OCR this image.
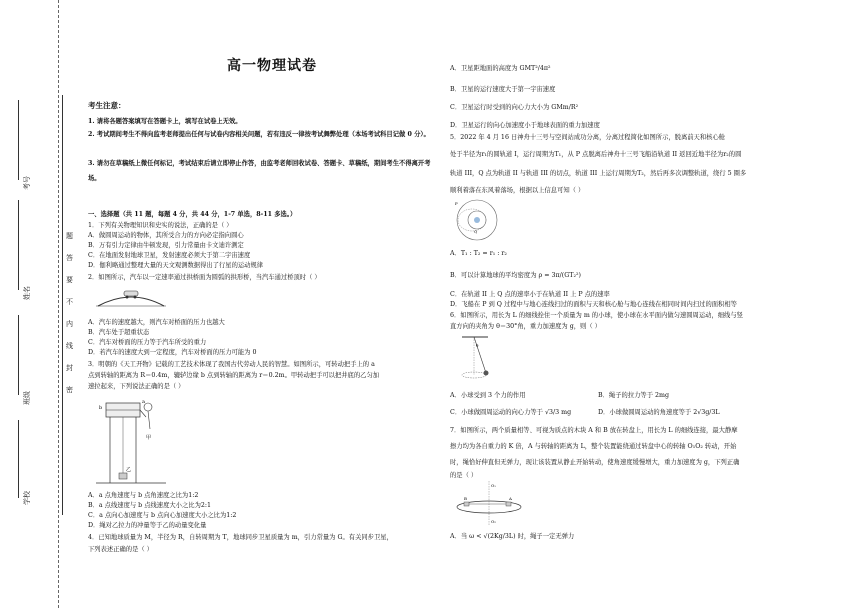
考号
姓名
班级
学校
题
答
要
不
内
线
封
密
高一物理试卷
考生注意：
1. 请将各题答案填写在答题卡上，填写在试卷上无效。
2. 考试期间考生不得向监考老师提出任何与试卷内容相关问题，若有违反一律按考试舞弊处理（本场考试科目记做 0 分）。
3. 请勿在草稿纸上微任何标记，考试结束后请立即停止作答，由监考老师回收试卷、答题卡、草稿纸，期间考生不得离开考场。
一、选择题（共 11 题，每题 4 分，共 44 分，1-7 单选，8-11 多选。）
1．下列有关物理知识和史实的说法，正确的是（ ）
A．做圆周运动的物体，其所受合力的方向必定指向圆心
B．万有引力定律由牛顿发现，引力常量由卡文迪许测定
C．在地面发射地球卫星，发射速度必须大于第二宇宙速度
D．伽利略通过整理大量的天文观测数据得出了行星的运动规律
2．如图所示，汽车以一定速率通过拱桥面为圆弧的拱形桥，当汽车通过桥顶时（ ）
A．汽车的速度越大，则汽车对桥面的压力也越大
B．汽车处于超重状态
C．汽车对桥面的压力等于汽车所受的重力
D．若汽车的速度大到一定程度，汽车对桥面的压力可能为 0
3．明朝的《天工开物》记载的工艺技术体现了我国古代劳动人民的智慧。如图所示，可转动把手上的 a
点到转轴的距离为 R＝0.4m，辘轳边缘 b 点到转轴的距离为 r＝0.2m。甲转动把手可以把井底的乙匀加
速拉起来，下列说法正确的是（ ）
a
b
甲
乙
A．a 点角速度与 b 点角速度之比为1:2
B．a 点线速度与 b 点线速度大小之比为2:1
C．a 点向心加速度与 b 点向心加速度大小之比为1:2
D．绳对乙拉力的冲量等于乙的动量变化量
4．已知地球质量为 M，半径为 R，自转周期为 T，地球同步卫星质量为 m，引力常量为 G。有关同步卫星，
下列表述正确的是（ ）
A．卫星距地面的高度为 GMT²/4π²
B．卫星的运行速度大于第一宇宙速度
C．卫星运行时受到的向心力大小为 GMm/R²
D．卫星运行的向心加速度小于地球表面的重力加速度
5．2022 年 4 月 16 日神舟十三号与空间站成功分离，分离过程简化如图所示，脱离前天和核心舱
处于半径为r₁的圆轨道 I，运行周期为T₁，从 P 点脱离后神舟十三号飞船沿轨道 II 返回近地半径为r₂的圆
轨道 III，Q 点为轨道 II 与轨道 III 的切点，轨道 III 上运行周期为T₂，然后再多次调整轨道，绕行 5 圈多
顺利着落在东风着落场，根据以上信息可知（ ）
P
Q
A．T₁ : T₂ = r₁ : r₂
B．可以计算地球的平均密度为 ρ = 3π/(GT₂²)
C．在轨道 II 上 Q 点的速率小于在轨道 II 上 P 点的速率
D．飞船在 P 到 Q 过程中与地心连线扫过的面积与天和核心舱与地心连线在相同时间内扫过的面积相等
6．如图所示，用长为 L 的细线拴住一个质量为 m 的小球，使小球在水平面内做匀速圆周运动，细线与竖
直方向的夹角为 θ＝30°角，重力加速度为 g，则（ ）
θ
A．小球受到 3 个力的作用	B．绳子的拉力等于 2mg
C．小球做圆周运动的向心力等于 √3/3 mg	D．小球做圆周运动的角速度等于 2√3g/3L
7．如图所示，两个质量相等、可视为质点的木块 A 和 B 放在转盘上，用长为 L 的细线连接，最大静摩
擦力均为各自重力的 K 倍，A 与转轴的距离为 L，整个装置能绕通过转盘中心的转轴 O₁O₂ 转动，开始
时，绳恰好伸直但无弹力，现让该装置从静止开始转动，使角速度缓慢增大，重力加速度为 g，下列正确
的是（ ）
O₁
O₂
B	A
A．当 ω < √(2Kg/3L) 时，绳子一定无弹力
